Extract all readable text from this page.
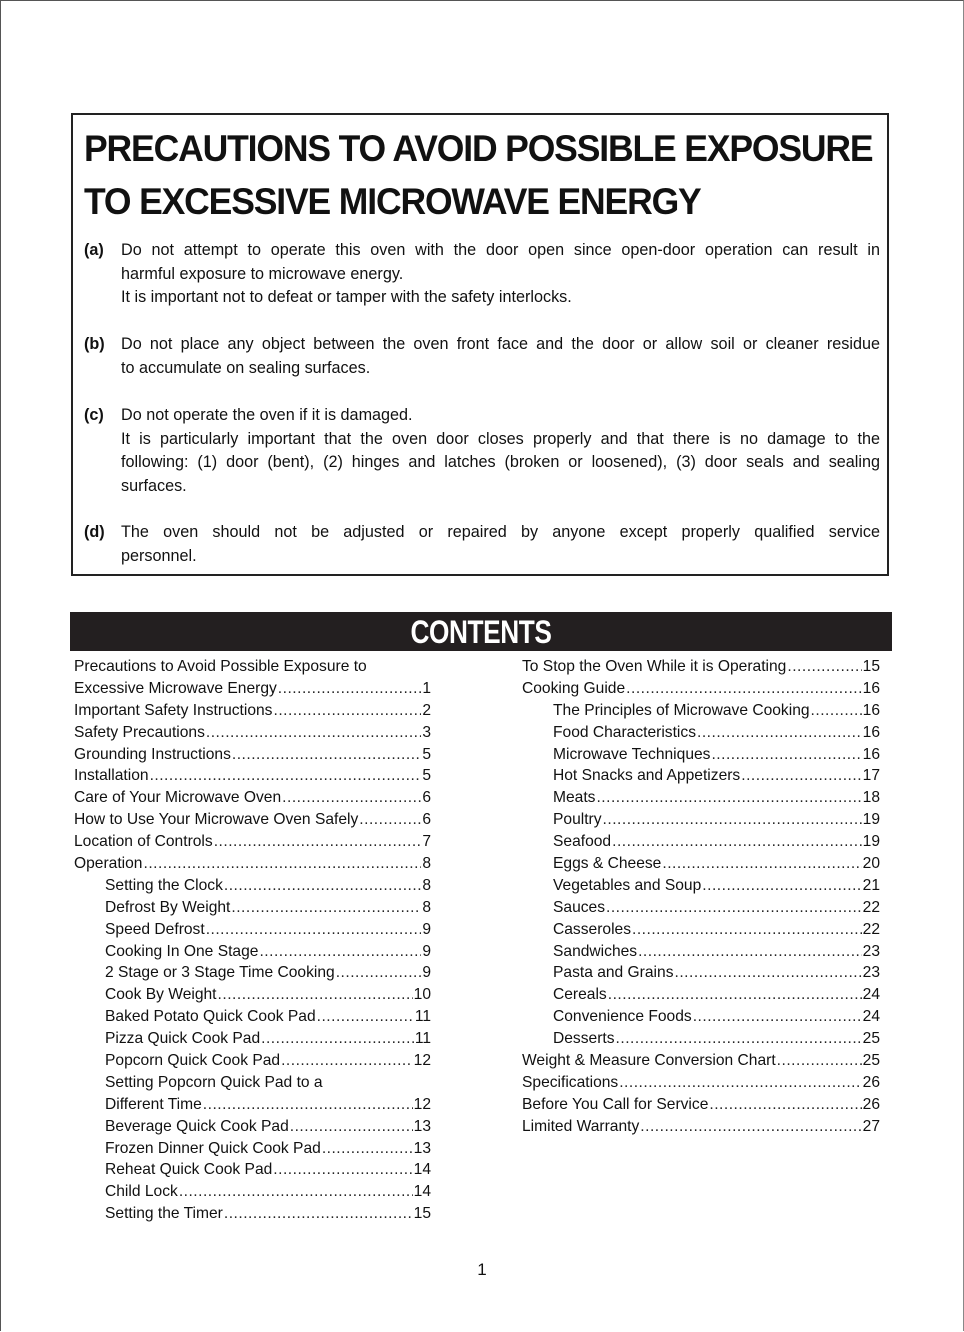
PRECAUTIONS TO AVOID POSSIBLE EXPOSURE
TO EXCESSIVE MICROWAVE ENERGY
(a) Do not attempt to operate this oven with the door open since open-door operation can result in
harmful exposure to microwave energy.
It is important not to defeat or tamper with the safety interlocks.
(b) Do not place any object between the oven front face and the door or allow soil or cleaner residue
to accumulate on sealing surfaces.
(c) Do not operate the oven if it is damaged.
It is particularly important that the oven door closes properly and that there is no damage to the
following: (1) door (bent), (2) hinges and latches (broken or loosened), (3) door seals and sealing
surfaces.
(d) The oven should not be adjusted or repaired by anyone except properly qualified service
personnel.
CONTENTS
Precautions to Avoid Possible Exposure to
Excessive Microwave Energy .....	1
Important Safety Instructions .....	2
Safety Precautions .....	3
Grounding Instructions .....	5
Installation .....	5
Care of Your Microwave Oven .....	6
How to Use Your Microwave Oven Safely .....	6
Location of Controls .....	7
Operation .....	8
Setting the Clock .....	8
Defrost By Weight .....	8
Speed Defrost .....	9
Cooking In One Stage .....	9
2 Stage or 3 Stage Time Cooking .....	9
Cook By Weight .....	10
Baked Potato Quick Cook Pad .....	11
Pizza Quick Cook Pad .....	11
Popcorn Quick Cook Pad .....	12
Setting Popcorn Quick Pad to a
Different Time .....	12
Beverage Quick Cook Pad .....	13
Frozen Dinner Quick Cook Pad .....	13
Reheat Quick Cook Pad .....	14
Child Lock .....	14
Setting the Timer .....	15
To Stop the Oven While it is Operating .....	15
Cooking Guide .....	16
The Principles of Microwave Cooking .....	16
Food Characteristics .....	16
Microwave Techniques .....	16
Hot Snacks and Appetizers .....	17
Meats .....	18
Poultry .....	19
Seafood .....	19
Eggs & Cheese .....	20
Vegetables and Soup .....	21
Sauces .....	22
Casseroles .....	22
Sandwiches .....	23
Pasta and Grains .....	23
Cereals .....	24
Convenience Foods .....	24
Desserts .....	25
Weight & Measure Conversion Chart .....	25
Specifications .....	26
Before You Call for Service .....	26
Limited Warranty .....	27
1
